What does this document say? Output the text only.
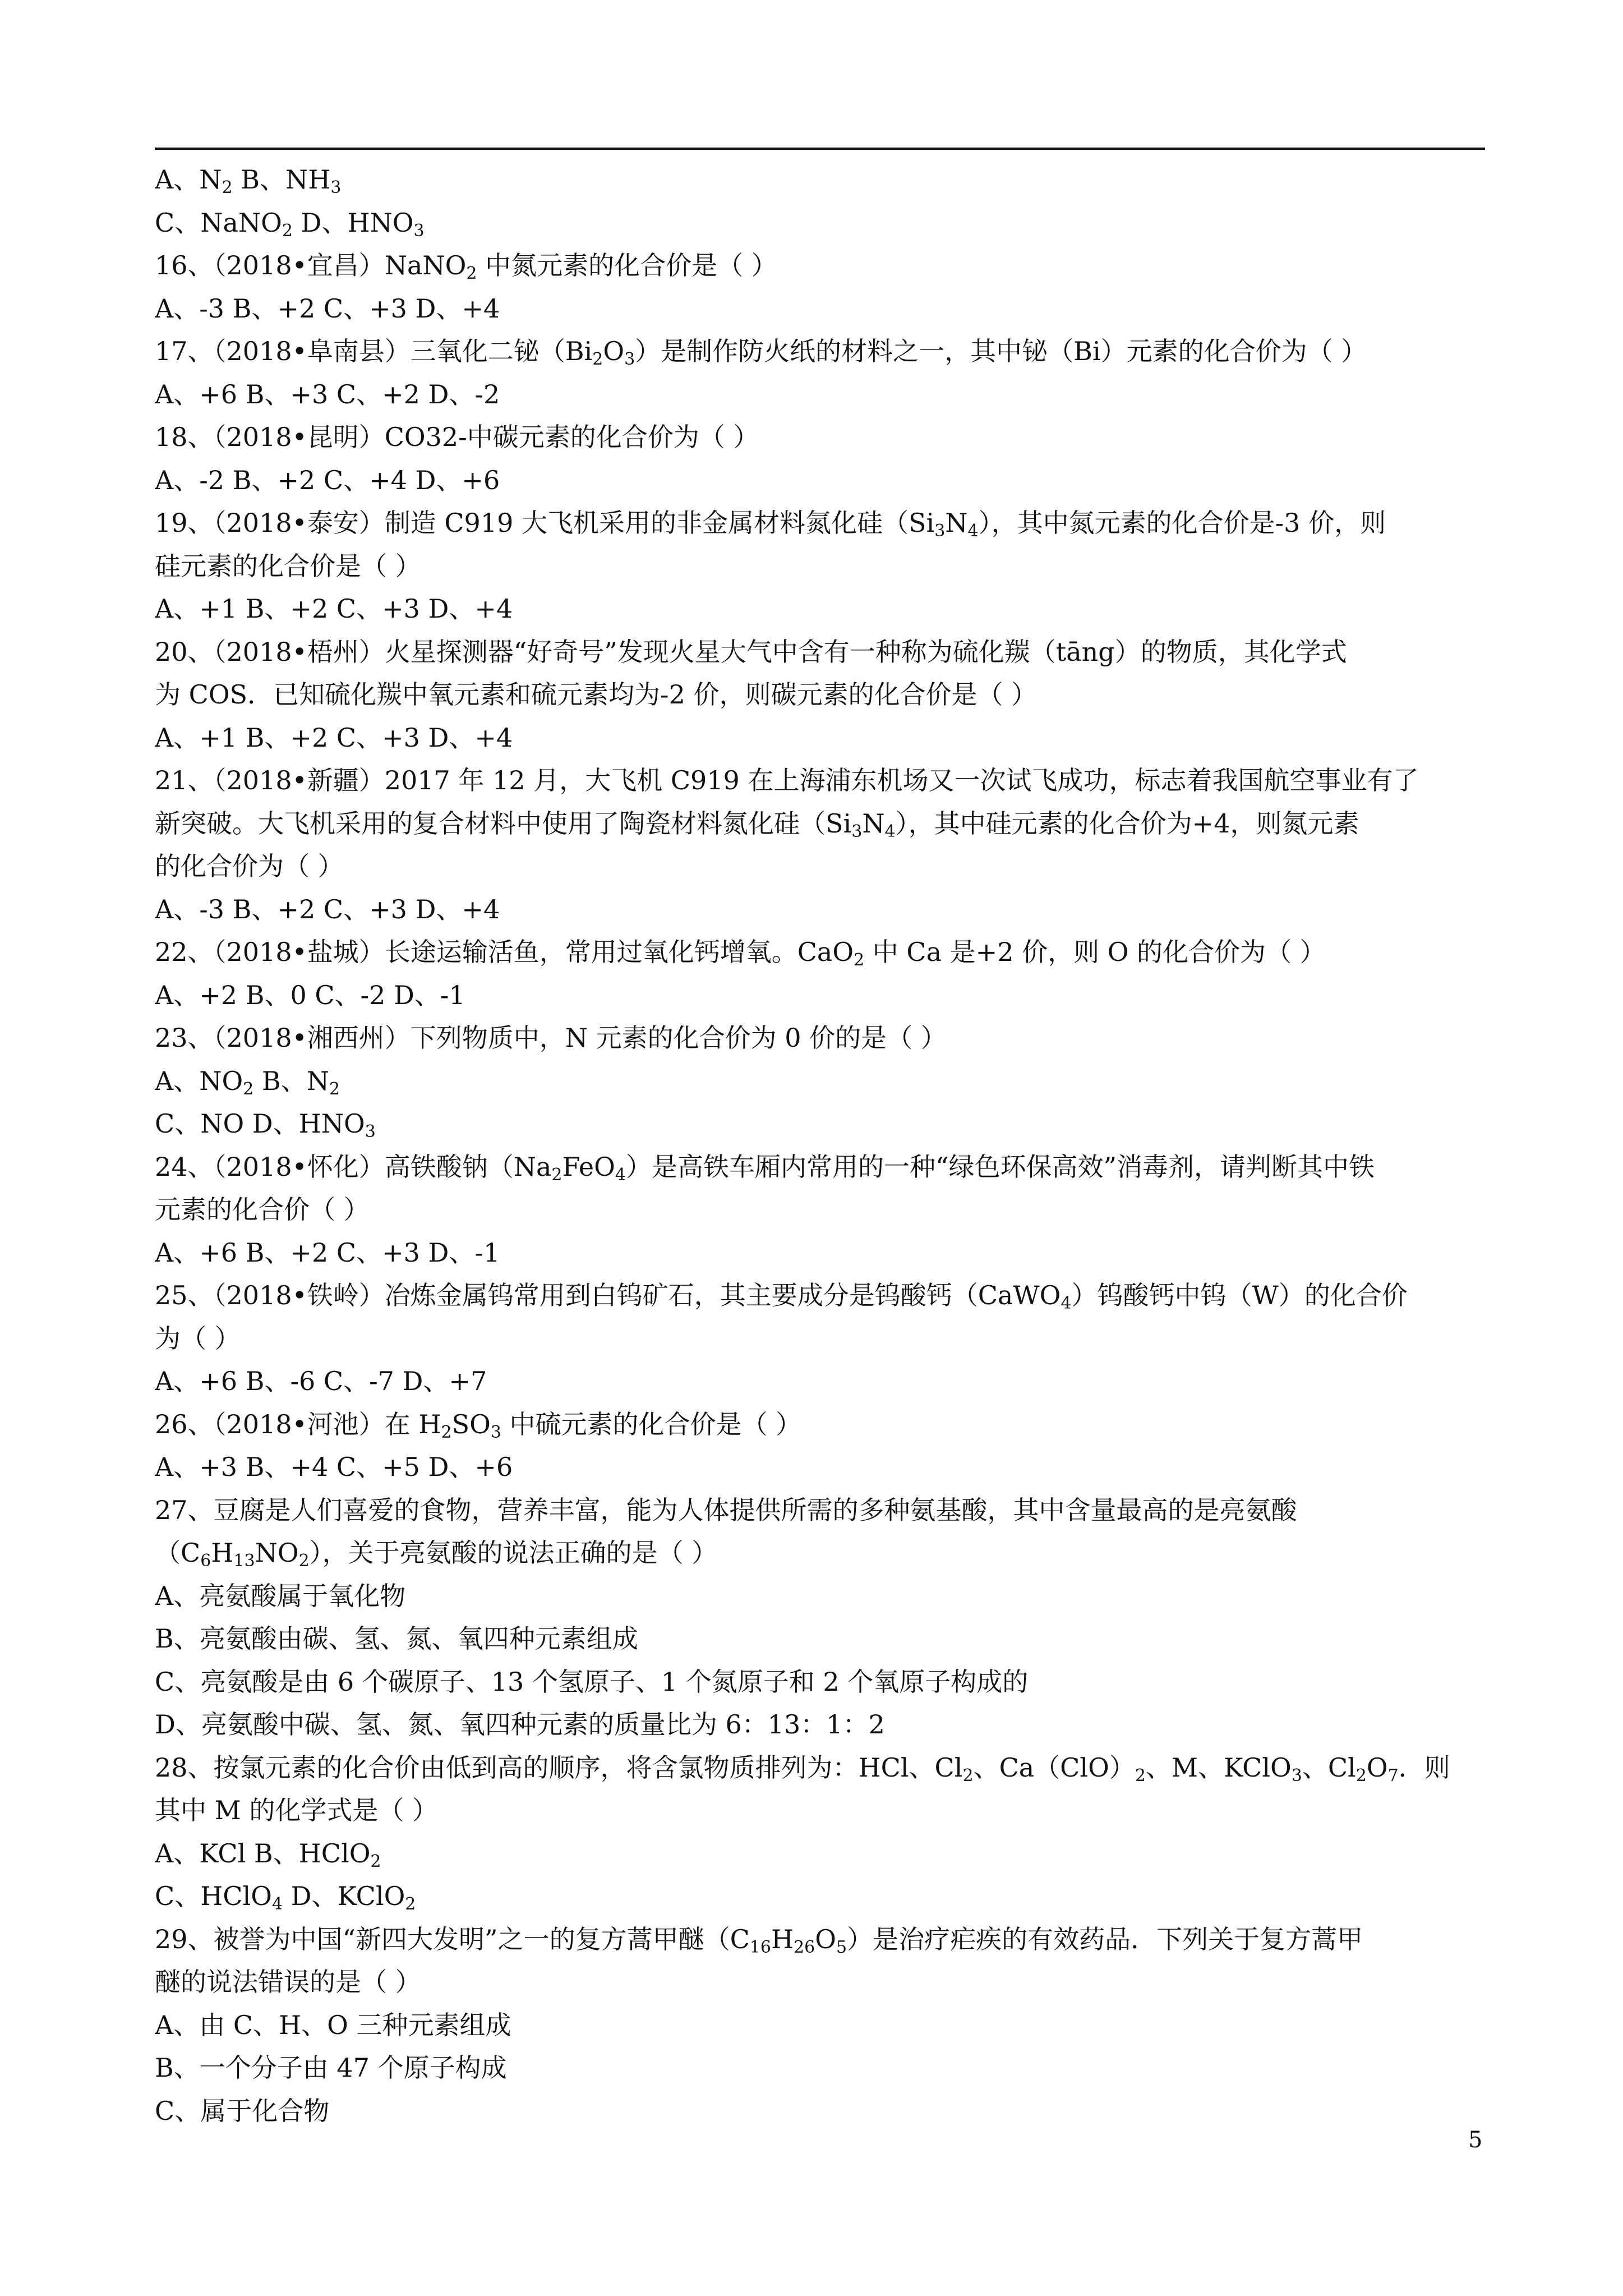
A、$N_2$ B、$NH_3$
C、NaNO$_2$ D、$HNO_3$
16、（2018•宜昌）NaNO$_2$ 中氮元素的化合价是（ ）
A、-3 B、+2 C、+3 D、+4
17、（2018•阜南县）三氧化二铋$(Bi_2O_3)$是制作防火纸的材料之一，其中铋（Bi）元素的化合价为（ ）
A、+6 B、+3 C、+2 D、-2
18、（2018•昆明）CO32-中碳元素的化合价为（ ）
A、-2 B、+2 C、+4 D、+6
19、（2018•泰安）制造 C919 大飞机采用的非金属材料氮化硅$(Si_3N_4)$，其中氮元素的化合价是-3 价，则
硅元素的化合价是（ ）
A、+1 B、+2 C、+3 D、+4
20、（2018•梧州）火星探测器“好奇号”发现火星大气中含有一种称为硫化羰（tāng）的物质，其化学式
为 COS．已知硫化羰中氧元素和硫元素均为-2 价，则碳元素的化合价是（ ）
A、+1 B、+2 C、+3 D、+4
21、（2018•新疆）2017 年 12 月，大飞机 C919 在上海浦东机场又一次试飞成功，标志着我国航空事业有了
新突破。大飞机采用的复合材料中使用了陶瓷材料氮化硅$(Si_3N_4)$，其中硅元素的化合价为+4，则氮元素
的化合价为（ ）
A、-3 B、+2 C、+3 D、+4
22、（2018•盐城）长途运输活鱼，常用过氧化钙增氧。CaO$_2$ 中 Ca 是+2 价，则 O 的化合价为（ ）
A、+2 B、0 C、-2 D、-1
23、（2018•湘西州）下列物质中，N 元素的化合价为 0 价的是（ ）
A、$NO_2$ B、$N_2$
C、NO D、$HNO_3$
24、（2018•怀化）高铁酸钠$(Na_2FeO_4)$是高铁车厢内常用的一种“绿色环保高效”消毒剂，请判断其中铁
元素的化合价（ ）
A、+6 B、+2 C、+3 D、-1
25、（2018•铁岭）冶炼金属钨常用到白钨矿石，其主要成分是钨酸钙（CaWO$_4$）钨酸钙中钨（W）的化合价
为（ ）
A、+6 B、-6 C、-7 D、+7
26、（2018•河池）在 $H_2SO_3$ 中硫元素的化合价是（ ）
A、+3 B、+4 C、+5 D、+6
27、豆腐是人们喜爱的食物，营养丰富，能为人体提供所需的多种氨基酸，其中含量最高的是亮氨酸
$(C_6H_{13}NO_2)$，关于亮氨酸的说法正确的是（ ）
A、亮氨酸属于氧化物
B、亮氨酸由碳、氢、氮、氧四种元素组成
C、亮氨酸是由 6 个碳原子、13 个氢原子、1 个氮原子和 2 个氧原子构成的
D、亮氨酸中碳、氢、氮、氧四种元素的质量比为 6：13：1：2
28、按氯元素的化合价由低到高的顺序，将含氯物质排列为：HCl、$Cl_2$、$Ca(ClO)_2$、M、KClO$_3$、$Cl_2O_7$．则
其中 M 的化学式是（ ）
A、KCl B、HClO$_2$
C、HClO$_4$ D、KClO$_2$
29、被誉为中国“新四大发明”之一的复方蒿甲醚$(C_{16}H_{26}O_5)$是治疗疟疾的有效药品．下列关于复方蒿甲
醚的说法错误的是（ ）
A、由 C、H、O 三种元素组成
B、一个分子由 47 个原子构成
C、属于化合物
5
